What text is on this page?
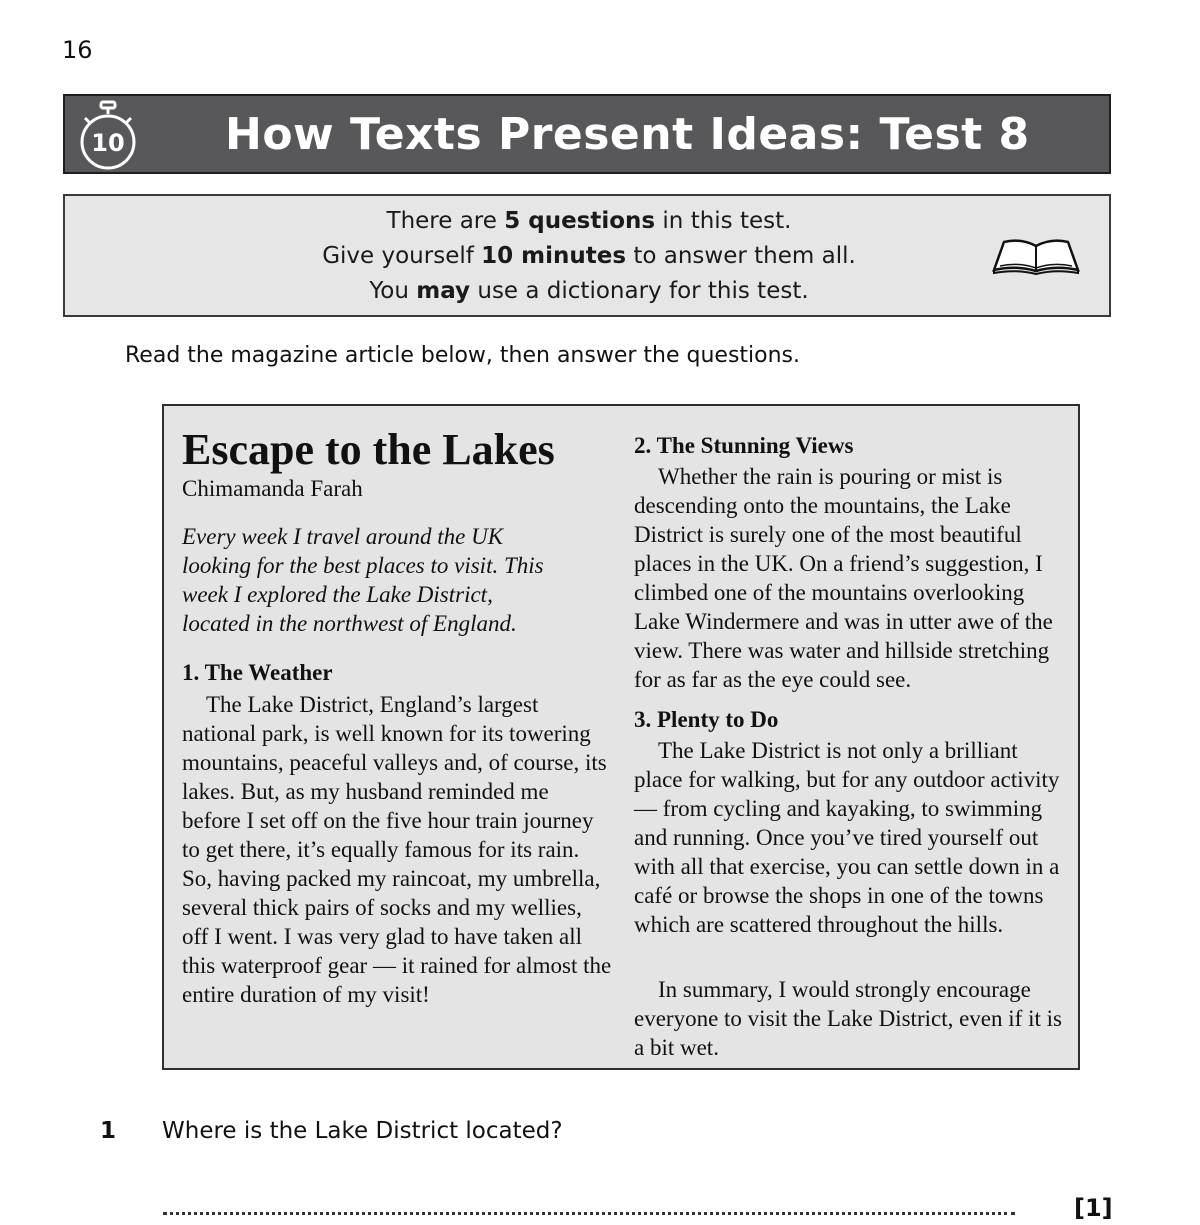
16
10 How Texts Present Ideas: Test 8
There are 5 questions in this test.
Give yourself 10 minutes to answer them all.
You may use a dictionary for this test.
Read the magazine article below, then answer the questions.
Escape to the Lakes
Chimamanda Farah
Every week I travel around the UK looking for the best places to visit. This week I explored the Lake District, located in the northwest of England.
1. The Weather

The Lake District, England’s largest national park, is well known for its towering mountains, peaceful valleys and, of course, its lakes. But, as my husband reminded me before I set off on the five hour train journey to get there, it’s equally famous for its rain. So, having packed my raincoat, my umbrella, several thick pairs of socks and my wellies, off I went. I was very glad to have taken all this waterproof gear — it rained for almost the entire duration of my visit!

2. The Stunning Views

Whether the rain is pouring or mist is descending onto the mountains, the Lake District is surely one of the most beautiful places in the UK. On a friend’s suggestion, I climbed one of the mountains overlooking Lake Windermere and was in utter awe of the view. There was water and hillside stretching for as far as the eye could see.

3. Plenty to Do

The Lake District is not only a brilliant place for walking, but for any outdoor activity — from cycling and kayaking, to swimming and running. Once you’ve tired yourself out with all that exercise, you can settle down in a café or browse the shops in one of the towns which are scattered throughout the hills.

In summary, I would strongly encourage everyone to visit the Lake District, even if it is a bit wet.

1 Where is the Lake District located?
[1]
